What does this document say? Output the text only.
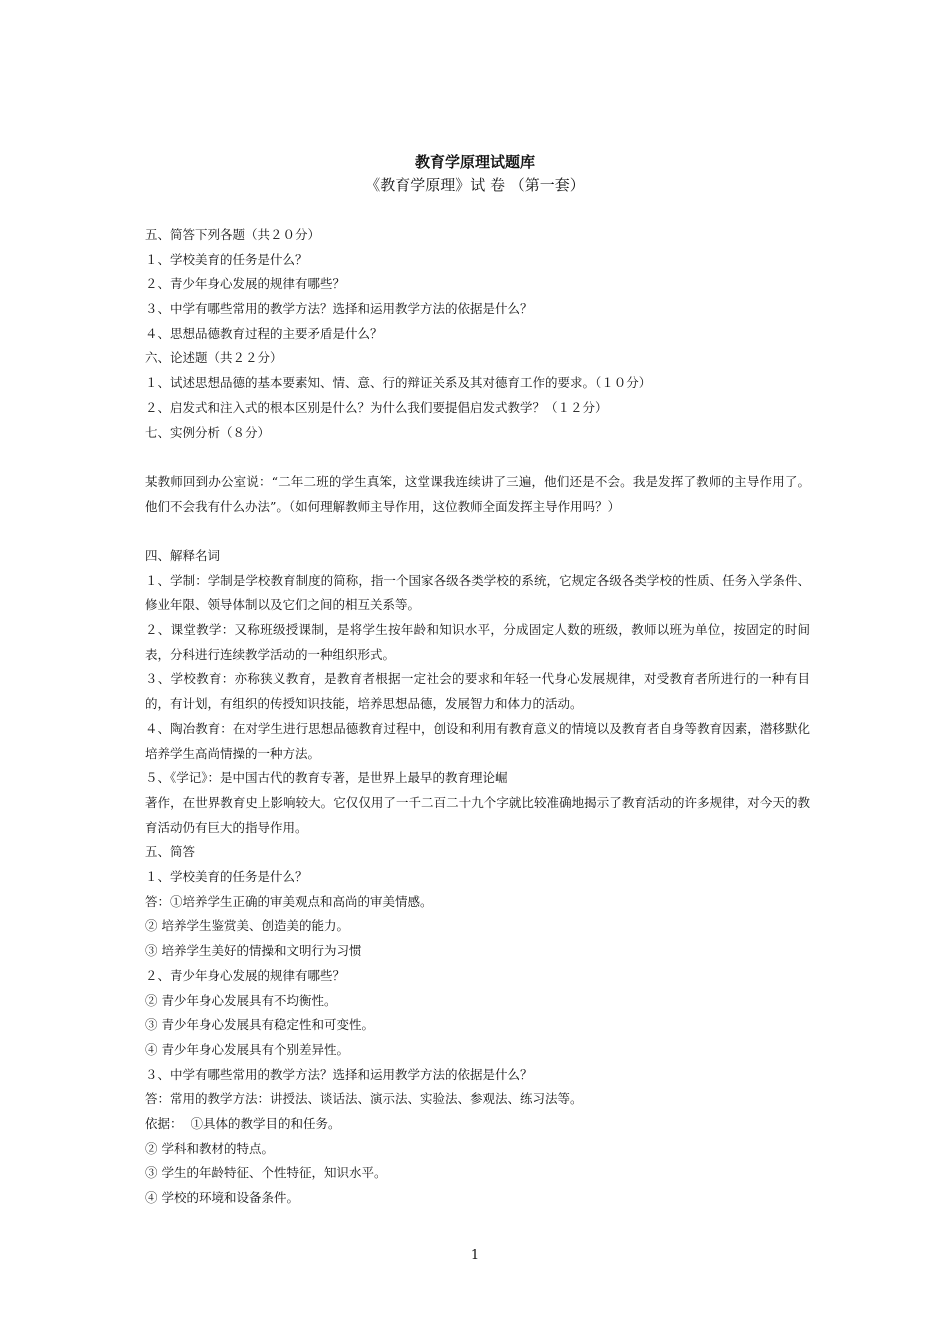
教育学原理试题库
《教育学原理》试 卷 （第一套）
五、简答下列各题（共２０分）
１、学校美育的任务是什么？
２、青少年身心发展的规律有哪些？
３、中学有哪些常用的教学方法？选择和运用教学方法的依据是什么？
４、思想品德教育过程的主要矛盾是什么？
六、论述题（共２２分）
１、试述思想品德的基本要素知、情、意、行的辩证关系及其对德育工作的要求。（１０分）
２、启发式和注入式的根本区别是什么？为什么我们要提倡启发式教学？（１２分）
七、实例分析（８分）
某教师回到办公室说：“二年二班的学生真笨，这堂课我连续讲了三遍，他们还是不会。我是发挥了教师的主导作用了。他们不会我有什么办法”。（如何理解教师主导作用，这位教师全面发挥主导作用吗？）
四、解释名词
１、学制：学制是学校教育制度的简称，指一个国家各级各类学校的系统，它规定各级各类学校的性质、任务入学条件、修业年限、领导体制以及它们之间的相互关系等。
２、课堂教学：又称班级授课制，是将学生按年龄和知识水平，分成固定人数的班级，教师以班为单位，按固定的时间表，分科进行连续教学活动的一种组织形式。
３、学校教育：亦称狭义教育，是教育者根据一定社会的要求和年轻一代身心发展规律，对受教育者所进行的一种有目的，有计划，有组织的传授知识技能，培养思想品德，发展智力和体力的活动。
４、陶冶教育：在对学生进行思想品德教育过程中，创设和利用有教育意义的情境以及教育者自身等教育因素，潜移默化培养学生高尚情操的一种方法。
５、《学记》：是中国古代的教育专著，是世界上最早的教育理论崛
著作，在世界教育史上影响较大。它仅仅用了一千二百二十九个字就比较准确地揭示了教育活动的许多规律，对今天的教育活动仍有巨大的指导作用。
五、简答
１、学校美育的任务是什么？
答：①培养学生正确的审美观点和高尚的审美情感。
② 培养学生鉴赏美、创造美的能力。
③ 培养学生美好的情操和文明行为习惯
２、青少年身心发展的规律有哪些？
② 青少年身心发展具有不均衡性。
③ 青少年身心发展具有稳定性和可变性。
④ 青少年身心发展具有个别差异性。
３、中学有哪些常用的教学方法？选择和运用教学方法的依据是什么？
答：常用的教学方法：讲授法、谈话法、演示法、实验法、参观法、练习法等。
依据：  ①具体的教学目的和任务。
② 学科和教材的特点。
③ 学生的年龄特征、个性特征，知识水平。
④ 学校的环境和设备条件。
1
